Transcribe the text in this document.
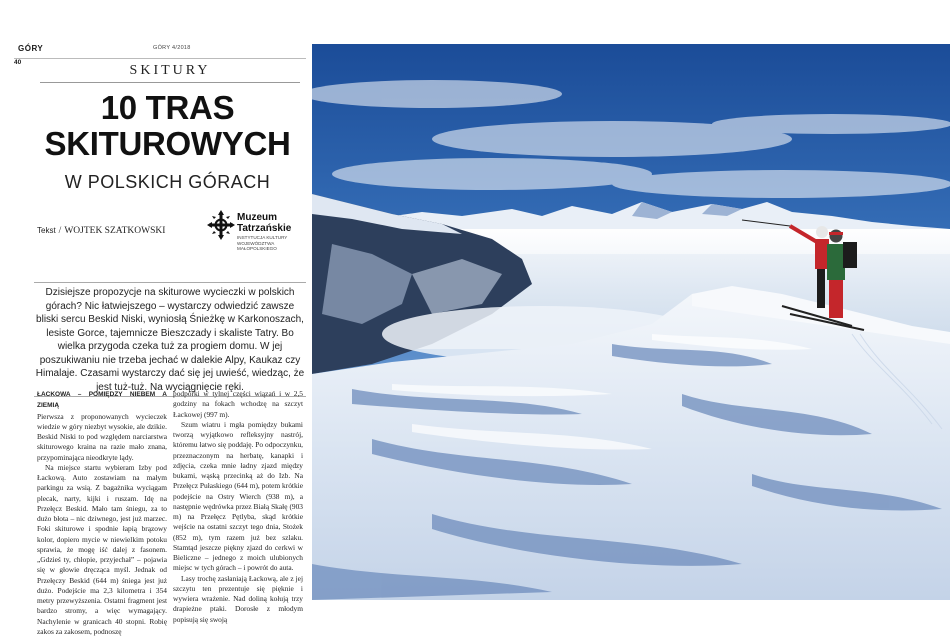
GÓRY	GÓRY 4/2018
40
SKITURY
10 TRAS
SKITUROWYCH
W POLSKICH GÓRACH
Tekst / WOJTEK SZATKOWSKI
Muzeum
Tatrzańskie
INSTYTUCJA KULTURY
WOJEWÓDZTWA
MAŁOPOLSKIEGO
Dzisiejsze propozycje na skiturowe wycieczki w polskich górach? Nic łatwiejszego – wystarczy odwiedzić zawsze bliski sercu Beskid Niski, wyniosłą Śnieżkę w Karkonoszach, lesiste Gorce, tajemnicze Bieszczady i skaliste Tatry. Bo wielka przygoda czeka tuż za progiem domu. W jej poszukiwaniu nie trzeba jechać w dalekie Alpy, Kaukaz czy Himalaje. Czasami wystarczy dać się jej uwieść, wiedząc, że jest tuż-tuż. Na wyciągnięcie ręki.

ŁACKOWA – POMIĘDZY NIEBEM A ZIEMIĄ
Pierwsza z proponowanych wycieczek wiedzie w góry niezbyt wysokie, ale dzikie. Beskid Niski to pod względem narciarstwa skiturowego kraina na razie mało znana, przypominająca nieodkryte lądy.

Na miejsce startu wybieram Izby pod Łackową. Auto zostawiam na małym parkingu za wsią. Z bagażnika wyciągam plecak, narty, kijki i ruszam. Idę na Przełęcz Beskid. Mało tam śniegu, za to dużo błota – nic dziwnego, jest już marzec. Foki skiturowe i spodnie łapią brązowy kolor, dopiero mycie w niewielkim potoku sprawia, że mogę iść dalej z fasonem. „Gdzieś ty, chłopie, przyjechał” – pojawia się w głowie dręcząca myśl. Jednak od Przełęczy Beskid (644 m) śniega jest już dużo. Podejście ma 2,3 kilometra i 354 metry przewyższenia. Ostatni fragment jest bardzo stromy, a więc wymagający. Nachylenie w granicach 40 stopni. Robię zakos za zakosem, podnoszę

podpórki w tylnej części wiązań i w 2,5 godziny na fokach wchodzę na szczyt Łackowej (997 m).

Szum wiatru i mgła pomiędzy bukami tworzą wyjątkowo refleksyjny nastrój, któremu łatwo się poddaję. Po odpoczynku, przeznaczonym na herbatę, kanapki i zdjęcia, czeka mnie ładny zjazd między bukami, wąską przecinką aż do Izb. Na Przełęcz Pułaskiego (644 m), potem krótkie podejście na Ostry Wierch (938 m), a następnie wędrówka przez Białą Skałę (903 m) na Przełęcz Pętlyba, skąd krótkie wejście na ostatni szczyt tego dnia, Stożek (852 m), tym razem już bez szlaku. Stamtąd jeszcze piękny zjazd do cerkwi w Bieliczne – jednego z moich ulubionych miejsc w tych górach – i powrót do auta.

Lasy trochę zasłaniają Łackową, ale z jej szczytu ten prezentuje się pięknie i wywiera wrażenie. Nad doliną kołują trzy drapieżne ptaki. Dorosłe z młodym popisują się swoją
